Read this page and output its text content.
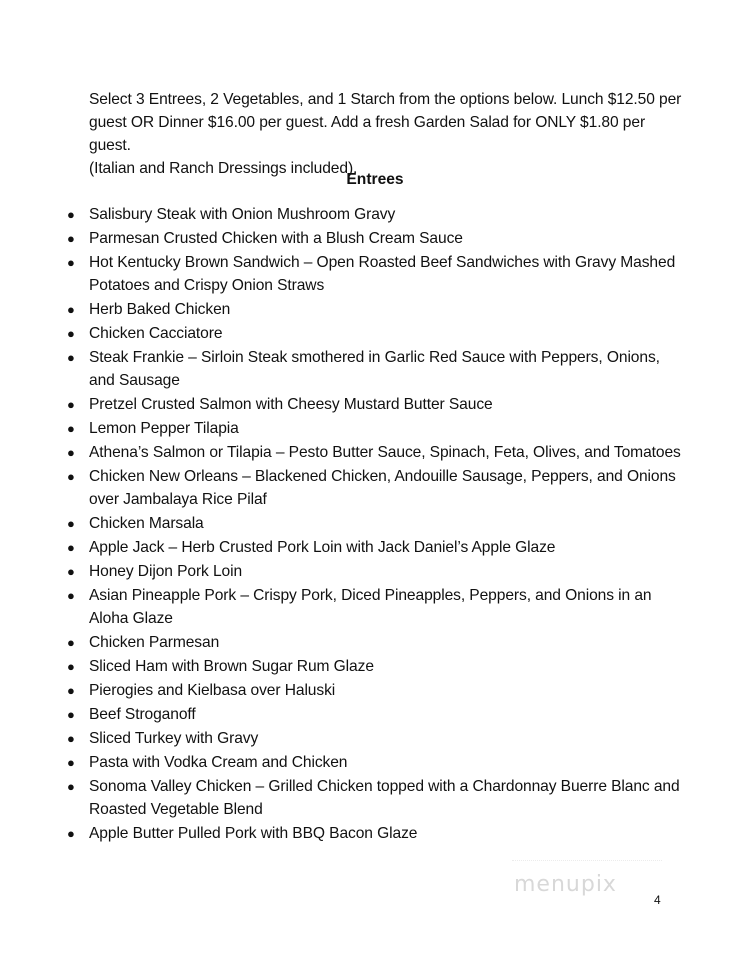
Select 3 Entrees, 2 Vegetables, and 1 Starch from the options below. Lunch $12.50 per

guest OR Dinner $16.00 per guest. Add a fresh Garden Salad for ONLY $1.80 per guest.

(Italian and Ranch Dressings included).

Entrees
● Salisbury Steak with Onion Mushroom Gravy
● Parmesan Crusted Chicken with a Blush Cream Sauce
● Hot Kentucky Brown Sandwich – Open Roasted Beef Sandwiches with Gravy Mashed Potatoes and Crispy Onion Straws
● Herb Baked Chicken
● Chicken Cacciatore
● Steak Frankie – Sirloin Steak smothered in Garlic Red Sauce with Peppers, Onions, and Sausage
● Pretzel Crusted Salmon with Cheesy Mustard Butter Sauce
● Lemon Pepper Tilapia
● Athena’s Salmon or Tilapia – Pesto Butter Sauce, Spinach, Feta, Olives, and Tomatoes
● Chicken New Orleans – Blackened Chicken, Andouille Sausage, Peppers, and Onions over Jambalaya Rice Pilaf
● Chicken Marsala
● Apple Jack – Herb Crusted Pork Loin with Jack Daniel’s Apple Glaze
● Honey Dijon Pork Loin
● Asian Pineapple Pork – Crispy Pork, Diced Pineapples, Peppers, and Onions in an Aloha Glaze
● Chicken Parmesan
● Sliced Ham with Brown Sugar Rum Glaze
● Pierogies and Kielbasa over Haluski
● Beef Stroganoff
● Sliced Turkey with Gravy
● Pasta with Vodka Cream and Chicken
● Sonoma Valley Chicken – Grilled Chicken topped with a Chardonnay Buerre Blanc and Roasted Vegetable Blend
● Apple Butter Pulled Pork with BBQ Bacon Glaze
menupix
4
